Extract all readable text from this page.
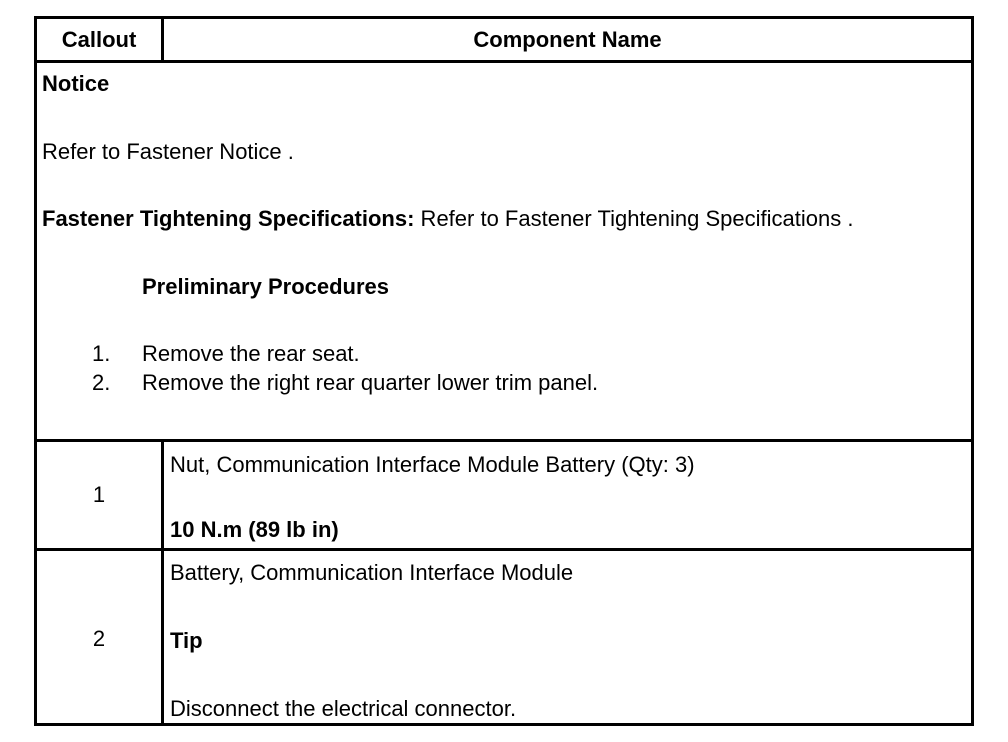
Callout	Component Name
Notice
Refer to Fastener Notice .
Fastener Tightening Specifications: Refer to Fastener Tightening Specifications .
Preliminary Procedures
1. Remove the rear seat.
2. Remove the right rear quarter lower trim panel.
1
Nut, Communication Interface Module Battery (Qty: 3)
10 N.m (89 lb in)
2
Battery, Communication Interface Module
Tip
Disconnect the electrical connector.
